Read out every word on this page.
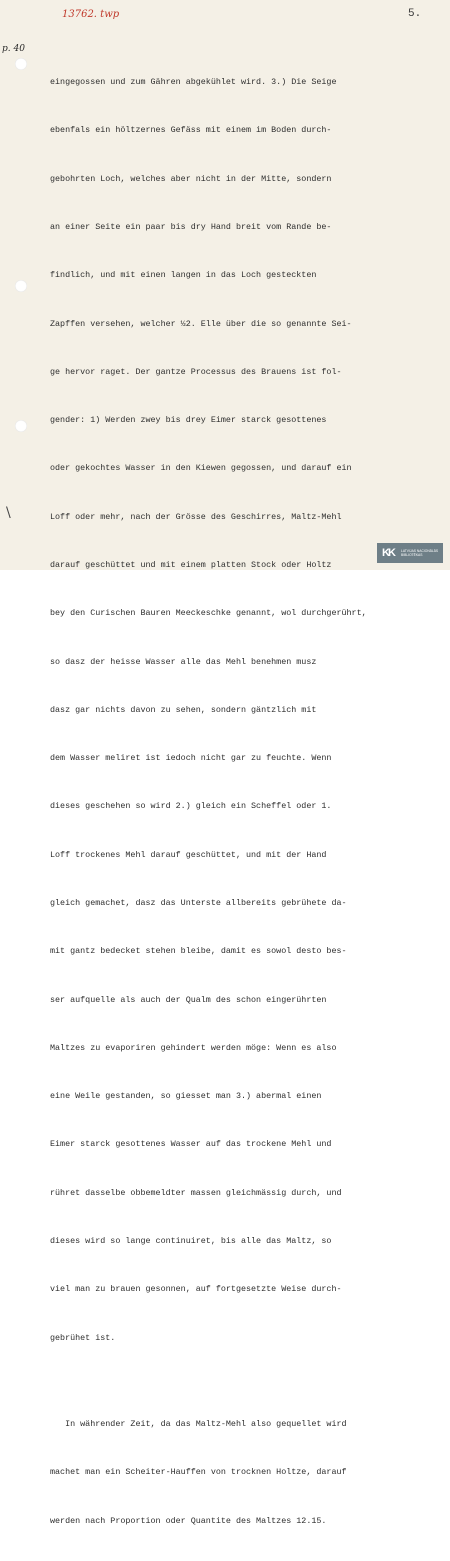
13762. twp	5.
p. 40
\

eingegossen und zum Gähren abgekühlet wird. 3.) Die Seige

ebenfals ein höltzernes Gefäss mit einem im Boden durch-

gebohrten Loch, welches aber nicht in der Mitte, sondern

an einer Seite ein paar bis dry Hand breit vom Rande be-

findlich, und mit einen langen in das Loch gesteckten

Zapffen versehen, welcher ½2. Elle über die so genannte Sei-

ge hervor raget. Der gantze Processus des Brauens ist fol-

gender: 1) Werden zwey bis drey Eimer starck gesottenes

oder gekochtes Wasser in den Kiewen gegossen, und darauf ein

Loff oder mehr, nach der Grösse des Geschirres, Maltz-Mehl

darauf geschüttet und mit einem platten Stock oder Holtz

bey den Curischen Bauren Meeckeschke genannt, wol durchgerührt,

so dasz der heisse Wasser alle das Mehl benehmen musz

dasz gar nichts davon zu sehen, sondern gäntzlich mit

dem Wasser meliret ist iedoch nicht gar zu feuchte. Wenn

dieses geschehen so wird 2.) gleich ein Scheffel oder 1.

Loff trockenes Mehl darauf geschüttet, und mit der Hand

gleich gemachet, dasz das Unterste allbereits gebrühete da-

mit gantz bedecket stehen bleibe, damit es sowol desto bes-

ser aufquelle als auch der Qualm des schon eingerührten

Maltzes zu evaporiren gehindert werden möge: Wenn es also

eine Weile gestanden, so giesset man 3.) abermal einen

Eimer starck gesottenes Wasser auf das trockene Mehl und

rühret dasselbe obbemeldter massen gleichmässig durch, und

dieses wird so lange continuiret, bis alle das Maltz, so

viel man zu brauen gesonnen, auf fortgesetzte Weise durch-

gebrühet ist.

In währender Zeit, da das Maltz-Mehl also gequellet wird

machet man ein Scheiter-Hauffen von trocknen Holtze, darauf

werden nach Proportion oder Quantite des Maltzes 12.15.

KK	LATVIJAS NACIONĀLĀS BIBLIOTĒKAS
